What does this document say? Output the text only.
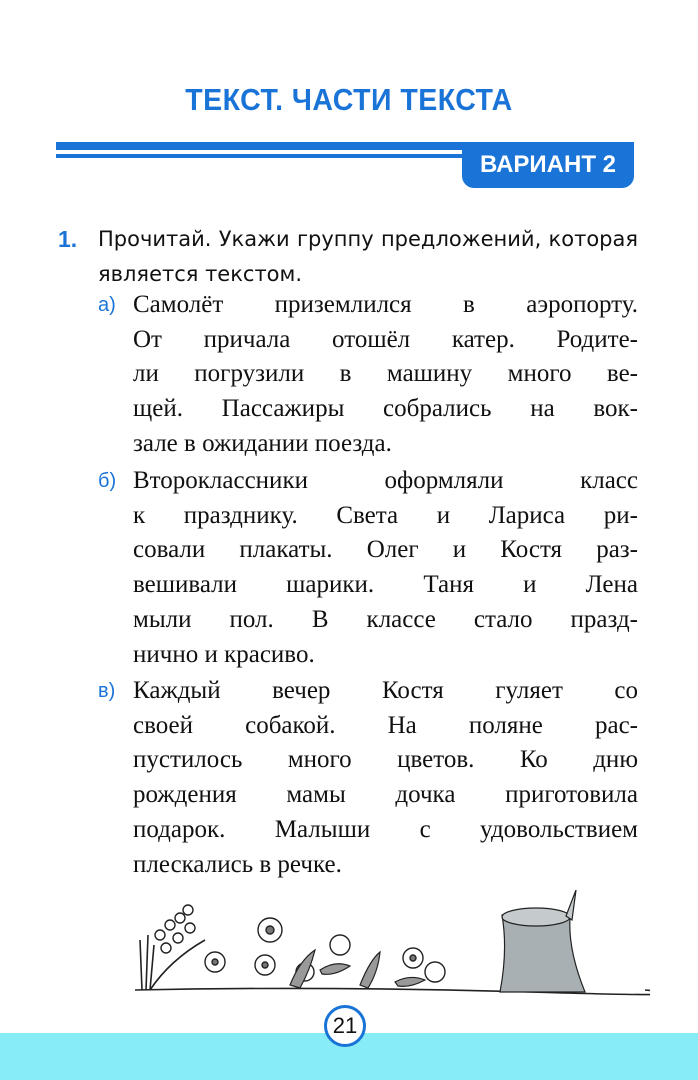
ТЕКСТ. ЧАСТИ ТЕКСТА
ВАРИАНТ 2
1. Прочитай. Укажи группу предложений, которая является текстом.
а) Самолёт приземлился в аэропорту.
От причала отошёл катер. Родите-
ли погрузили в машину много ве-
щей. Пассажиры собрались на вок-
зале в ожидании поезда.
б) Второклассники оформляли класс
к празднику. Света и Лариса ри-
совали плакаты. Олег и Костя раз-
вешивали шарики. Таня и Лена
мыли пол. В классе стало празд-
нично и красиво.
в) Каждый вечер Костя гуляет со
своей собакой. На поляне рас-
пустилось много цветов. Ко дню
рождения мамы дочка приготовила
подарок. Малыши с удовольствием
плескались в речке.
21
